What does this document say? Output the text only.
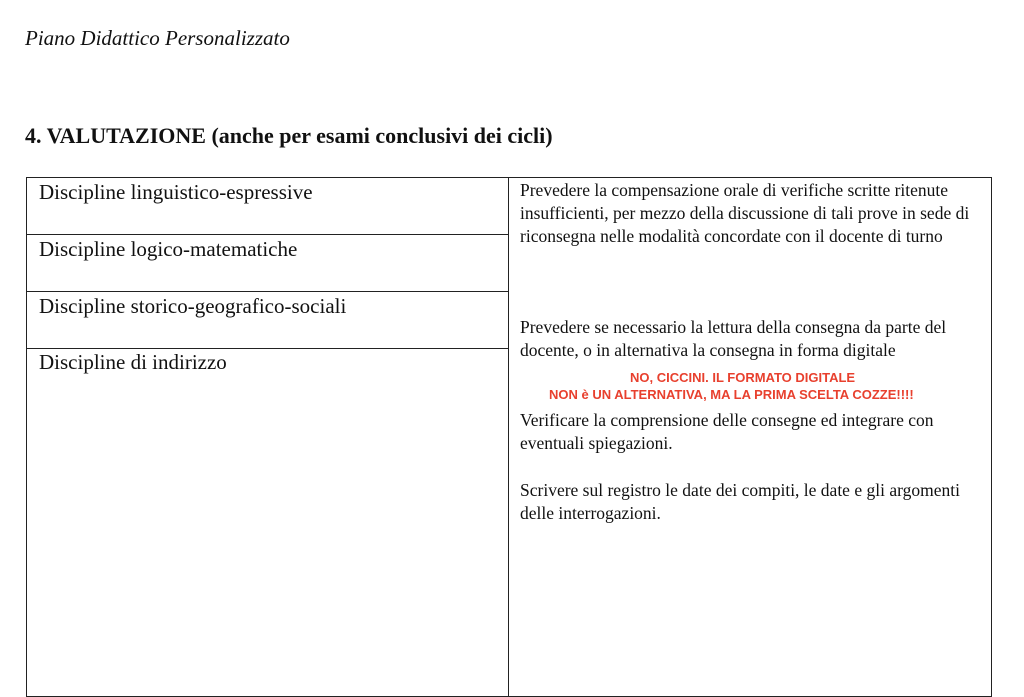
Piano Didattico Personalizzato
4. VALUTAZIONE (anche per esami conclusivi dei cicli)
Discipline linguistico-espressive
Discipline logico-matematiche
Discipline storico-geografico-sociali
Discipline di indirizzo
Prevedere la compensazione orale di verifiche scritte ritenute insufficienti, per mezzo della discussione di tali prove in sede di riconsegna nelle modalità concordate con il docente di turno
Prevedere se necessario la lettura della consegna da parte del docente, o in alternativa la consegna in forma digitale
Verificare la comprensione delle consegne ed integrare con eventuali spiegazioni.
Scrivere sul registro le date dei compiti, le date e gli argomenti delle interrogazioni.
NO, CICCINI. IL FORMATO DIGITALE
NON è UN ALTERNATIVA, MA LA PRIMA SCELTA COZZE!!!!
